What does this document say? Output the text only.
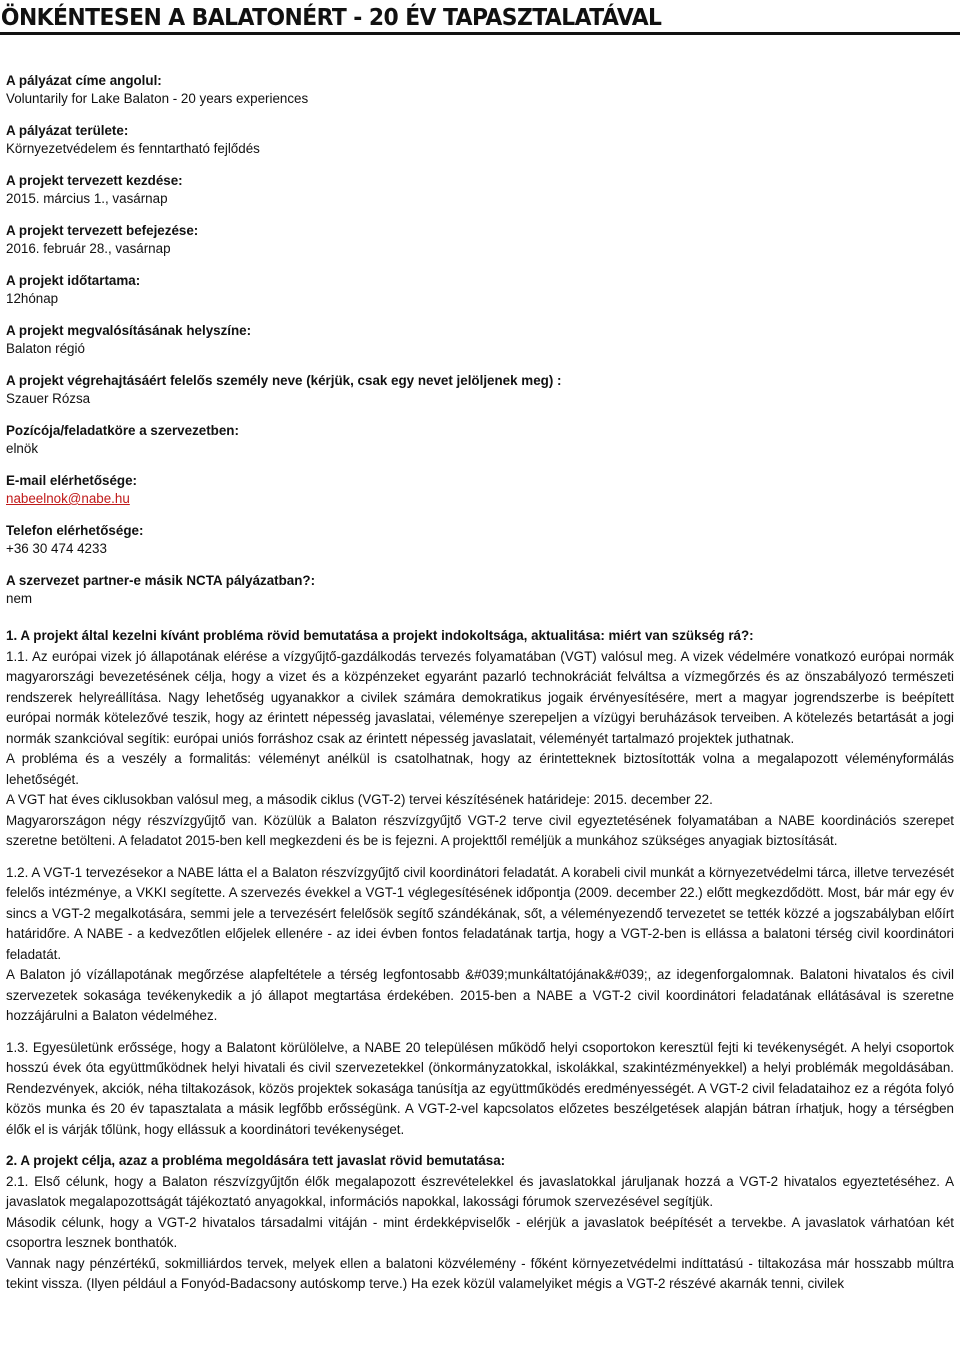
ÖNKÉNTESEN A BALATONÉRT - 20 ÉV TAPASZTALATÁVAL
A pályázat címe angolul:
Voluntarily for Lake Balaton - 20 years experiences
A pályázat területe:
Környezetvédelem és fenntartható fejlődés
A projekt tervezett kezdése:
2015. március 1., vasárnap
A projekt tervezett befejezése:
2016. február 28., vasárnap
A projekt időtartama:
12hónap
A projekt megvalósításának helyszíne:
Balaton régió
A projekt végrehajtásáért felelős személy neve (kérjük, csak egy nevet jelöljenek meg) :
Szauer Rózsa
Pozícója/feladatköre a szervezetben:
elnök
E-mail elérhetősége:
nabeelnok@nabe.hu
Telefon elérhetősége:
+36 30 474 4233
A szervezet partner-e másik NCTA pályázatban?:
nem
1. A projekt által kezelni kívánt probléma rövid bemutatása a projekt indokoltsága, aktualitása: miért van szükség rá?:

1.1. Az európai vizek jó állapotának elérése a vízgyűjtő-gazdálkodás tervezés folyamatában (VGT) valósul meg. A vizek védelmére vonatkozó európai normák magyarországi bevezetésének célja, hogy a vizet és a közpénzeket egyaránt pazarló technokráciát felváltsa a vízmegőrzés és az önszabályozó természeti rendszerek helyreállítása. Nagy lehetőség ugyanakkor a civilek számára demokratikus jogaik érvényesítésére, mert a magyar jogrendszerbe is beépített európai normák kötelezővé teszik, hogy az érintett népesség javaslatai, véleménye szerepeljen a vízügyi beruházások terveiben. A kötelezés betartását a jogi normák szankcióval segítik: európai uniós forráshoz csak az érintett népesség javaslatait, véleményét tartalmazó projektek juthatnak.

A probléma és a veszély a formalitás: véleményt anélkül is csatolhatnak, hogy az érintetteknek biztosították volna a megalapozott véleményformálás lehetőségét.

A VGT hat éves ciklusokban valósul meg, a második ciklus (VGT-2) tervei készítésének határideje: 2015. december 22.

Magyarországon négy részvízgyűjtő van. Közülük a Balaton részvízgyűjtő VGT-2 terve civil egyeztetésének folyamatában a NABE koordinációs szerepet szeretne betölteni. A feladatot 2015-ben kell megkezdeni és be is fejezni. A projekttől reméljük a munkához szükséges anyagiak biztosítását.

1.2. A VGT-1 tervezésekor a NABE látta el a Balaton részvízgyűjtő civil koordinátori feladatát. A korabeli civil munkát a környezetvédelmi tárca, illetve tervezését felelős intézménye, a VKKI segítette. A szervezés évekkel a VGT-1 véglegesítésének időpontja (2009. december 22.) előtt megkezdődött. Most, bár már egy év sincs a VGT-2 megalkotására, semmi jele a tervezésért felelősök segítő szándékának, sőt, a véleményezendő tervezetet se tették közzé a jogszabályban előírt határidőre. A NABE - a kedvezőtlen előjelek ellenére - az idei évben fontos feladatának tartja, hogy a VGT-2-ben is ellássa a balatoni térség civil koordinátori feladatát.

A Balaton jó vízállapotának megőrzése alapfeltétele a térség legfontosabb &#039;munkáltatójának&#039;, az idegenforgalomnak. Balatoni hivatalos és civil szervezetek sokasága tevékenykedik a jó állapot megtartása érdekében. 2015-ben a NABE a VGT-2 civil koordinátori feladatának ellátásával is szeretne hozzájárulni a Balaton védelméhez.

1.3. Egyesületünk erőssége, hogy a Balatont körülölelve, a NABE 20 településen működő helyi csoportokon keresztül fejti ki tevékenységét. A helyi csoportok hosszú évek óta együttműködnek helyi hivatali és civil szervezetekkel (önkormányzatokkal, iskolákkal, szakintézményekkel) a helyi problémák megoldásában. Rendezvények, akciók, néha tiltakozások, közös projektek sokasága tanúsítja az együttműködés eredményességét. A VGT-2 civil feladataihoz ez a régóta folyó közös munka és 20 év tapasztalata a másik legfőbb erősségünk. A VGT-2-vel kapcsolatos előzetes beszélgetések alapján bátran írhatjuk, hogy a térségben élők el is várják tőlünk, hogy ellássuk a koordinátori tevékenységet.

2. A projekt célja, azaz a probléma megoldására tett javaslat rövid bemutatása:

2.1. Első célunk, hogy a Balaton részvízgyűjtőn élők megalapozott észrevételekkel és javaslatokkal járuljanak hozzá a VGT-2 hivatalos egyeztetéséhez. A javaslatok megalapozottságát tájékoztató anyagokkal, információs napokkal, lakossági fórumok szervezésével segítjük.

Második célunk, hogy a VGT-2 hivatalos társadalmi vitáján - mint érdekképviselők - elérjük a javaslatok beépítését a tervekbe. A javaslatok várhatóan két csoportra lesznek bonthatók.

Vannak nagy pénzértékű, sokmilliárdos tervek, melyek ellen a balatoni közvélemény - főként környezetvédelmi indíttatású - tiltakozása már hosszabb múltra tekint vissza. (Ilyen például a Fonyód-Badacsony autóskomp terve.) Ha ezek közül valamelyiket mégis a VGT-2 részévé akarnák tenni, civilek
